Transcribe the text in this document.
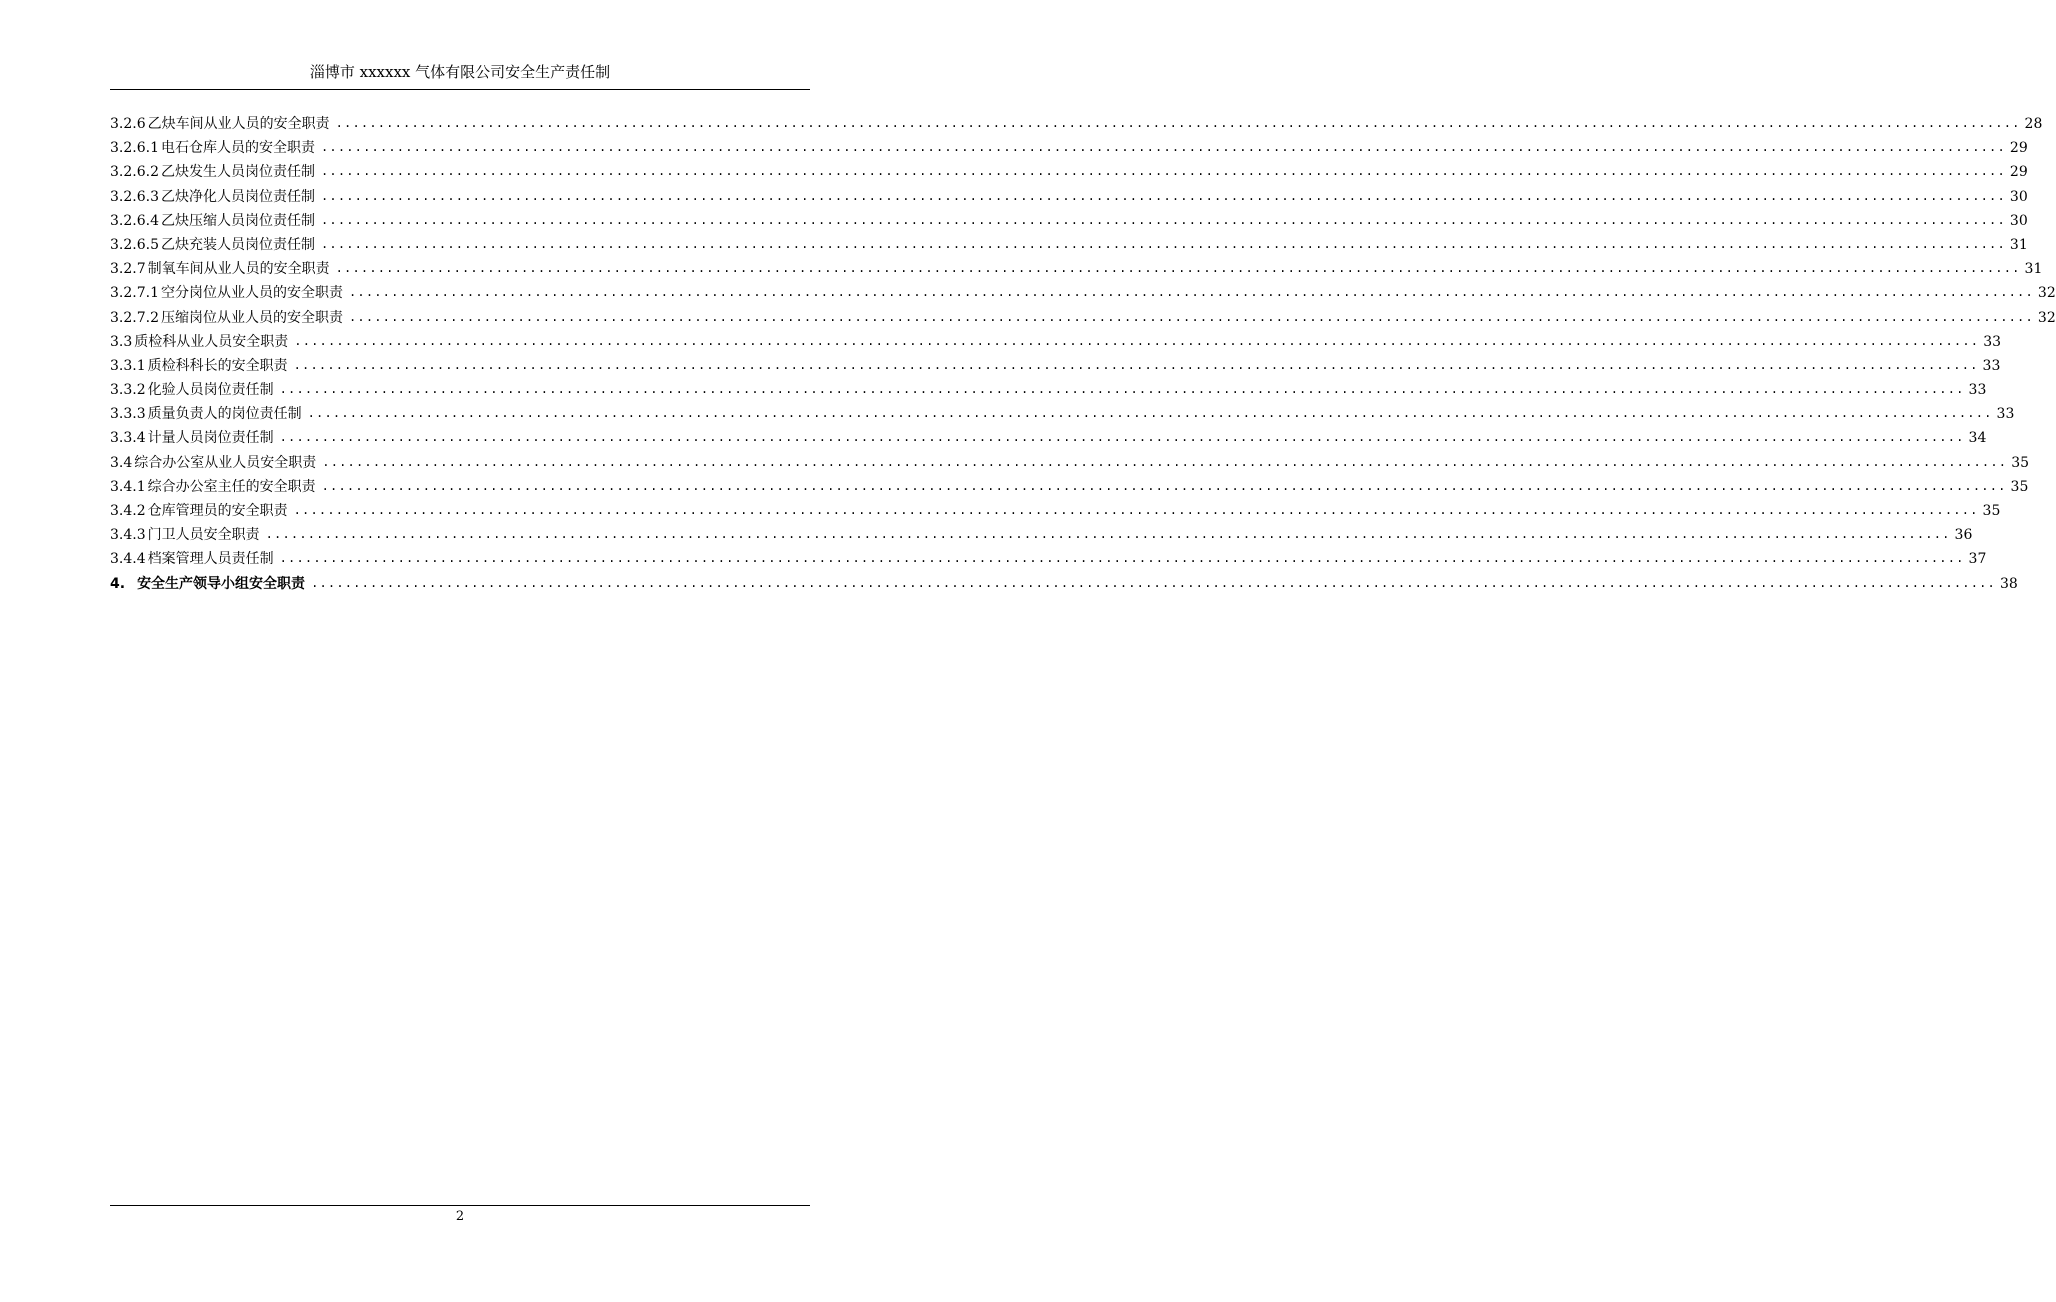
淄博市 xxxxxx 气体有限公司安全生产责任制
3.2.6 乙炔车间从业人员的安全职责 ........................................................................................................................................................................................................ 28
3.2.6.1 电石仓库人员的安全职责 ........................................................................................................................................................................................................ 29
3.2.6.2 乙炔发生人员岗位责任制 ........................................................................................................................................................................................................ 29
3.2.6.3 乙炔净化人员岗位责任制 ........................................................................................................................................................................................................ 30
3.2.6.4 乙炔压缩人员岗位责任制 ........................................................................................................................................................................................................ 30
3.2.6.5 乙炔充装人员岗位责任制 ........................................................................................................................................................................................................ 31
3.2.7 制氧车间从业人员的安全职责 ........................................................................................................................................................................................................ 31
3.2.7.1 空分岗位从业人员的安全职责 ........................................................................................................................................................................................................ 32
3.2.7.2 压缩岗位从业人员的安全职责 ........................................................................................................................................................................................................ 32
3.3 质检科从业人员安全职责 ........................................................................................................................................................................................................ 33
3.3.1 质检科科长的安全职责 ........................................................................................................................................................................................................ 33
3.3.2 化验人员岗位责任制 ........................................................................................................................................................................................................ 33
3.3.3 质量负责人的岗位责任制 ........................................................................................................................................................................................................ 33
3.3.4 计量人员岗位责任制 ........................................................................................................................................................................................................ 34
3.4 综合办公室从业人员安全职责 ........................................................................................................................................................................................................ 35
3.4.1 综合办公室主任的安全职责 ........................................................................................................................................................................................................ 35
3.4.2 仓库管理员的安全职责 ........................................................................................................................................................................................................ 35
3.4.3 门卫人员安全职责 ........................................................................................................................................................................................................ 36
3.4.4 档案管理人员责任制 ........................................................................................................................................................................................................ 37
4. 安全生产领导小组安全职责 ........................................................................................................................................................................................................ 38
2
